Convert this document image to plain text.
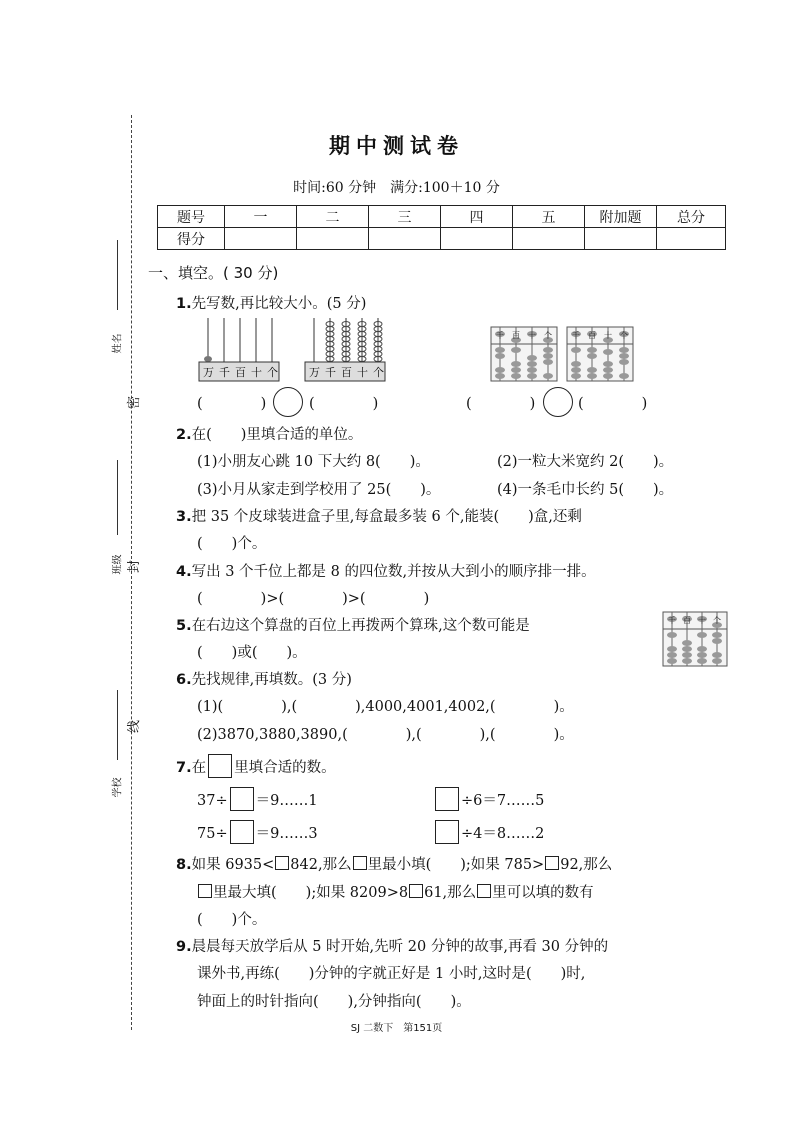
姓名
密
班级 封
线
学校
期中测试卷
时间:60 分钟　满分:100＋10 分
题号	一	二	三	四	五	附加题	总分
得分							
一、填空。( 30 分)
1.先写数,再比较大小。(5 分)
万 千 百 十 个	万 千 百 十 个
千 百 十 个	千 百 十 个
(　　　　)	(　　　　)	(　　　　)	(　　　　)
2.在(　　)里填合适的单位。
(1)小朋友心跳 10 下大约 8(　　)。	(2)一粒大米宽约 2(　　)。
(3)小月从家走到学校用了 25(　　)。	(4)一条毛巾长约 5(　　)。
3.把 35 个皮球装进盒子里,每盒最多装 6 个,能装(　　)盒,还剩
(　　)个。
4.写出 3 个千位上都是 8 的四位数,并按从大到小的顺序排一排。
(　　　　)>(　　　　)>(　　　　)
5.在右边这个算盘的百位上再拨两个算珠,这个数可能是
(　　)或(　　)。
千 百 十 个
6.先找规律,再填数。(3 分)
(1)(　　　　),(　　　　),4000,4001,4002,(　　　　)。
(2)3870,3880,3890,(　　　　),(　　　　),(　　　　)。
7.在 里填合适的数。
37÷ ＝9……1	÷6＝7……5
75÷ ＝9……3	÷4＝8……2
8.如果 6935< 842,那么 里最小填(　　);如果 785> 92,那么
里最大填(　　);如果 8209>8 61,那么 里可以填的数有
(　　)个。
9.晨晨每天放学后从 5 时开始,先听 20 分钟的故事,再看 30 分钟的
课外书,再练(　　)分钟的字就正好是 1 小时,这时是(　　)时,
钟面上的时针指向(　　),分钟指向(　　)。
SJ 二数下　第151页
